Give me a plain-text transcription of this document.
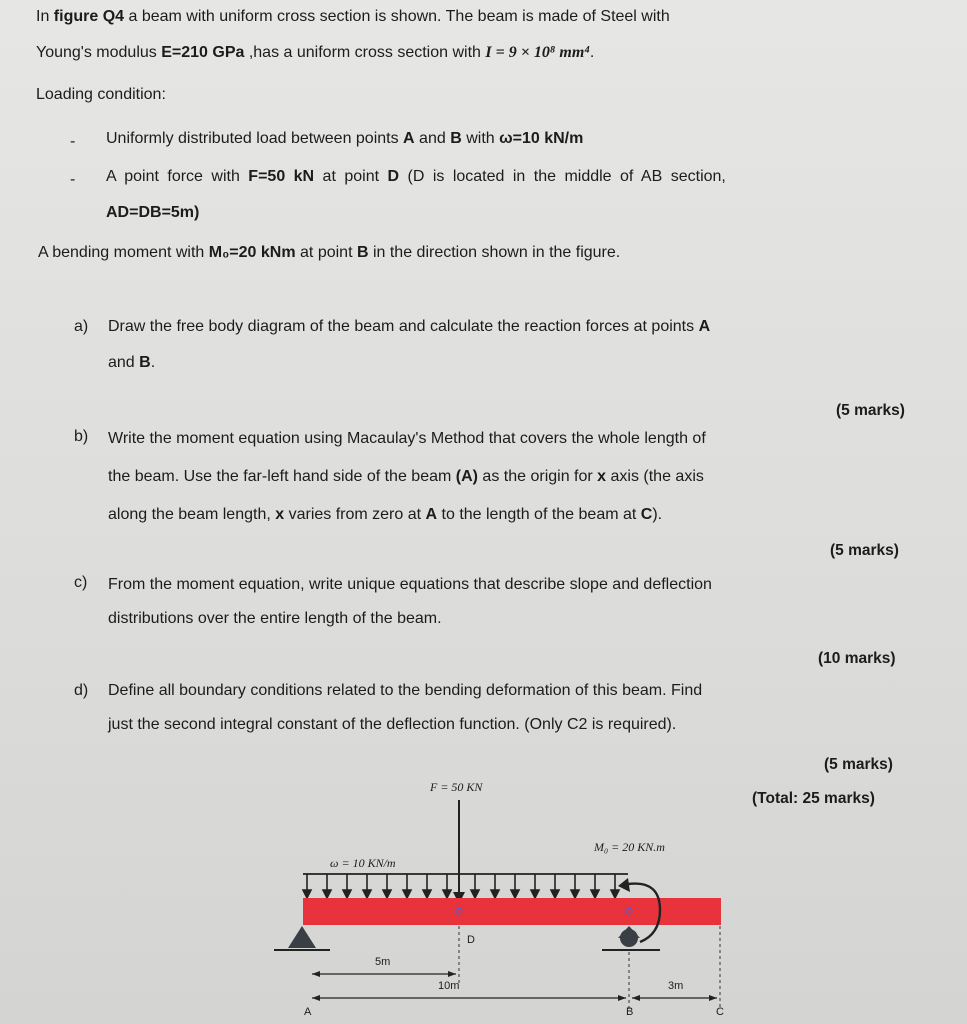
In figure Q4 a beam with uniform cross section is shown. The beam is made of Steel with
Young's modulus E=210 GPa ,has a uniform cross section with I = 9 × 10⁸ mm⁴.
Loading condition:
- Uniformly distributed load between points A and B with ω=10 kN/m
- A point force with F=50 kN at point D (D is located in the middle of AB section,
AD=DB=5m)
A bending moment with M₀=20 kNm at point B in the direction shown in the figure.
a) Draw the free body diagram of the beam and calculate the reaction forces at points A
and B.
(5 marks)
b) Write the moment equation using Macaulay's Method that covers the whole length of
the beam. Use the far-left hand side of the beam (A) as the origin for x axis (the axis
along the beam length, x varies from zero at A to the length of the beam at C).
(5 marks)
c) From the moment equation, write unique equations that describe slope and deflection
distributions over the entire length of the beam.
(10 marks)
d) Define all boundary conditions related to the bending deformation of this beam. Find
just the second integral constant of the deflection function. (Only C2 is required).
(5 marks)
(Total: 25 marks)
F = 50 KN
ω = 10 KN/m
M₀ = 20 KN.m
D
5m
10m	3m
A	B	C
